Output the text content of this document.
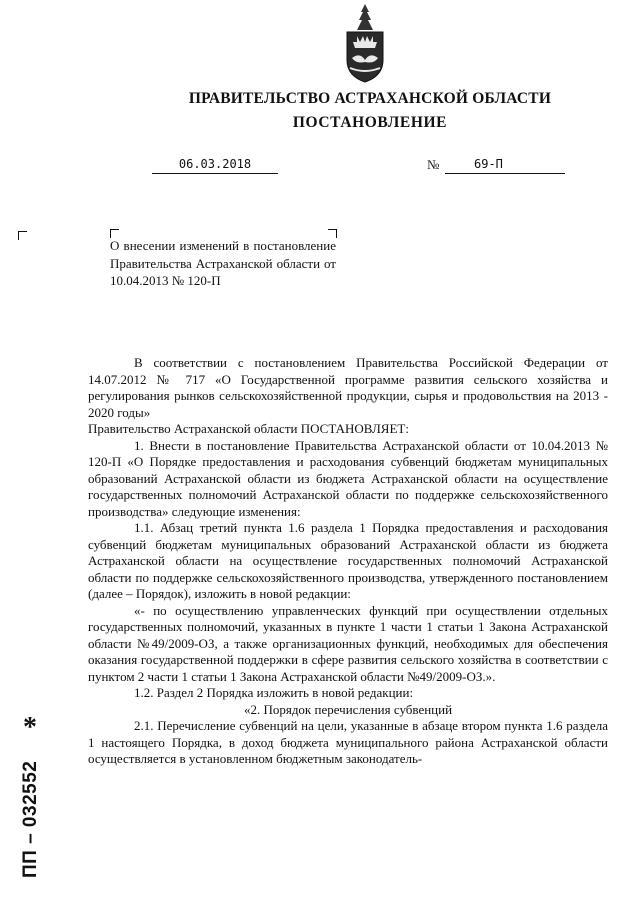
ПРАВИТЕЛЬСТВО АСТРАХАНСКОЙ ОБЛАСТИ
ПОСТАНОВЛЕНИЕ
06.03.2018	№	69-П
О внесении изменений в постановление Правительства Астраханской области от 10.04.2013 № 120-П

В соответствии с постановлением Правительства Российской Федерации от 14.07.2012 № 717 «О Государственной программе развития сельского хозяйства и регулирования рынков сельскохозяйственной продукции, сырья и продовольствия на 2013 - 2020 годы»

Правительство Астраханской области ПОСТАНОВЛЯЕТ:

1. Внести в постановление Правительства Астраханской области от 10.04.2013 № 120-П «О Порядке предоставления и расходования субвенций бюджетам муниципальных образований Астраханской области из бюджета Астраханской области на осуществление государственных полномочий Астраханской области по поддержке сельскохозяйственного производства» следующие изменения:

1.1. Абзац третий пункта 1.6 раздела 1 Порядка предоставления и расходования субвенций бюджетам муниципальных образований Астраханской области из бюджета Астраханской области на осуществление государственных полномочий Астраханской области по поддержке сельскохозяйственного производства, утвержденного постановлением (далее – Порядок), изложить в новой редакции:

«- по осуществлению управленческих функций при осуществлении отдельных государственных полномочий, указанных в пункте 1 части 1 статьи 1 Закона Астраханской области №49/2009-ОЗ, а также организационных функций, необходимых для обеспечения оказания государственной поддержки в сфере развития сельского хозяйства в соответствии с пунктом 2 части 1 статьи 1 Закона Астраханской области №49/2009-ОЗ.».

1.2. Раздел 2 Порядка изложить в новой редакции:

«2. Порядок перечисления субвенций

2.1. Перечисление субвенций на цели, указанные в абзаце втором пункта 1.6 раздела 1 настоящего Порядка, в доход бюджета муниципального района Астраханской области осуществляется в установленном бюджетным законодатель-

*
ПП – 032552
